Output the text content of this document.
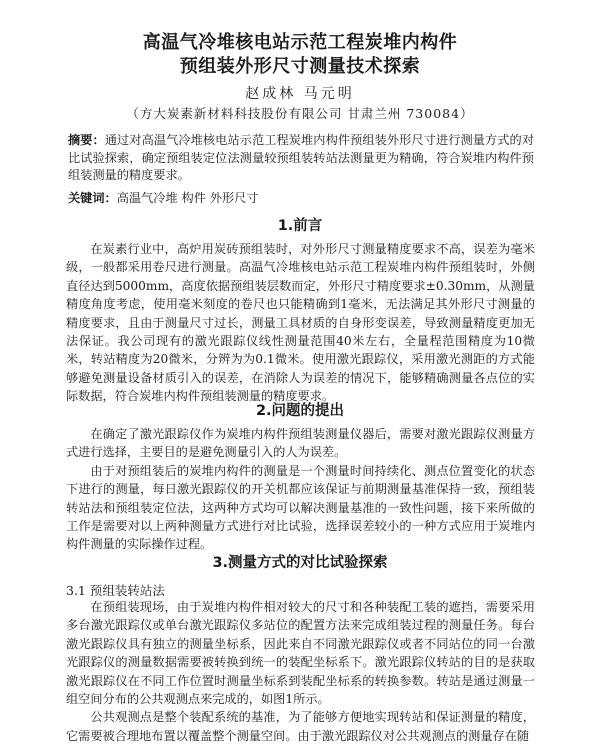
高温气冷堆核电站示范工程炭堆内构件
预组装外形尺寸测量技术探索
赵成林 马元明
（方大炭素新材料科技股份有限公司 甘肃兰州 730084）
摘要：通过对高温气冷堆核电站示范工程炭堆内构件预组装外形尺寸进行测量方式的对比试验探索，确定预组装定位法测量较预组装转站法测量更为精确，符合炭堆内构件预组装测量的精度要求。
关键词：高温气冷堆 构件 外形尺寸
1.前言

在炭素行业中，高炉用炭砖预组装时，对外形尺寸测量精度要求不高，误差为毫米级，一般都采用卷尺进行测量。高温气冷堆核电站示范工程炭堆内构件预组装时，外侧直径达到5000mm，高度依据预组装层数而定，外形尺寸精度要求±0.30mm，从测量精度角度考虑，使用毫米刻度的卷尺也只能精确到1毫米，无法满足其外形尺寸测量的精度要求，且由于测量尺寸过长，测量工具材质的自身形变误差，导致测量精度更加无法保证。我公司现有的激光跟踪仪线性测量范围40米左右，全量程范围精度为10微米，转站精度为20微米，分辨为为0.1微米。使用激光跟踪仪，采用激光测距的方式能够避免测量设备材质引入的误差，在消除人为误差的情况下，能够精确测量各点位的实际数据，符合炭堆内构件预组装测量的精度要求。

2.问题的提出

在确定了激光跟踪仪作为炭堆内构件预组装测量仪器后，需要对激光跟踪仪测量方式进行选择，主要目的是避免测量引入的人为误差。

由于对预组装后的炭堆内构件的测量是一个测量时间持续化、测点位置变化的状态下进行的测量，每日激光跟踪仪的开关机都应该保证与前期测量基准保持一致，预组装转站法和预组装定位法，这两种方式均可以解决测量基准的一致性问题，接下来所做的工作是需要对以上两种测量方式进行对比试验，选择误差较小的一种方式应用于炭堆内构件测量的实际操作过程。

3.测量方式的对比试验探索
3.1 预组装转站法

在预组装现场，由于炭堆内构件相对较大的尺寸和各种装配工装的遮挡，需要采用多台激光跟踪仪或单台激光跟踪仪多站位的配置方法来完成组装过程的测量任务。每台激光跟踪仪具有独立的测量坐标系，因此来自不同激光跟踪仪或者不同站位的同一台激光跟踪仪的测量数据需要被转换到统一的装配坐标系下。激光跟踪仪转站的目的是获取激光跟踪仪在不同工作位置时测量坐标系到装配坐标系的转换参数。转站是通过测量一组空间分布的公共观测点来完成的，如图1所示。

公共观测点是整个装配系统的基准，为了能够方便地实现转站和保证测量的精度，它需要被合理地布置以覆盖整个测量空间。由于激光跟踪仪对公共观测点的测量存在随
